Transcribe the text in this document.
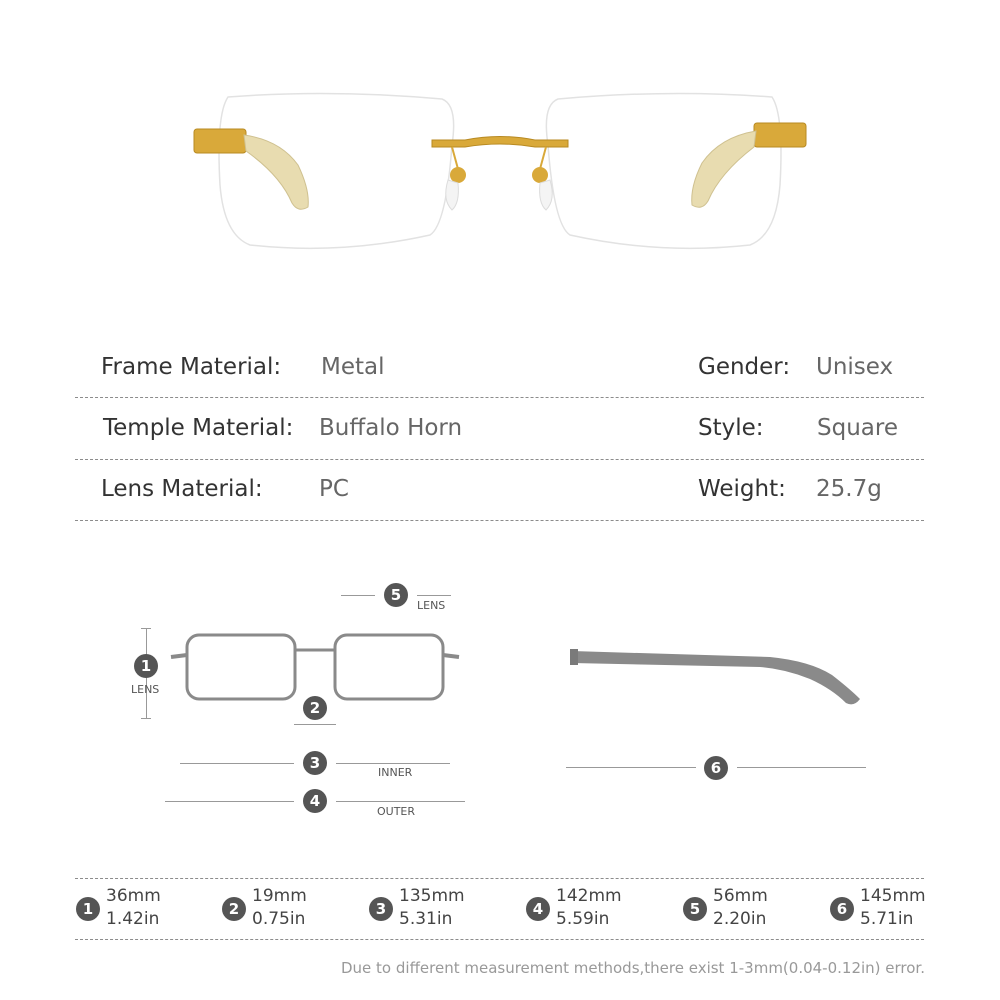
Frame Material: Metal	Gender: Unisex
Temple Material: Buffalo Horn	Style: Square
Lens Material: PC	Weight: 25.7g
1
LENS
5
LENS
2
3
INNER
4
OUTER
6
1
36mm
1.42in	2
19mm
0.75in	3
135mm
5.31in	4
142mm
5.59in	5
56mm
2.20in	6
145mm
5.71in
Due to different measurement methods,there exist 1-3mm(0.04-0.12in) error.
